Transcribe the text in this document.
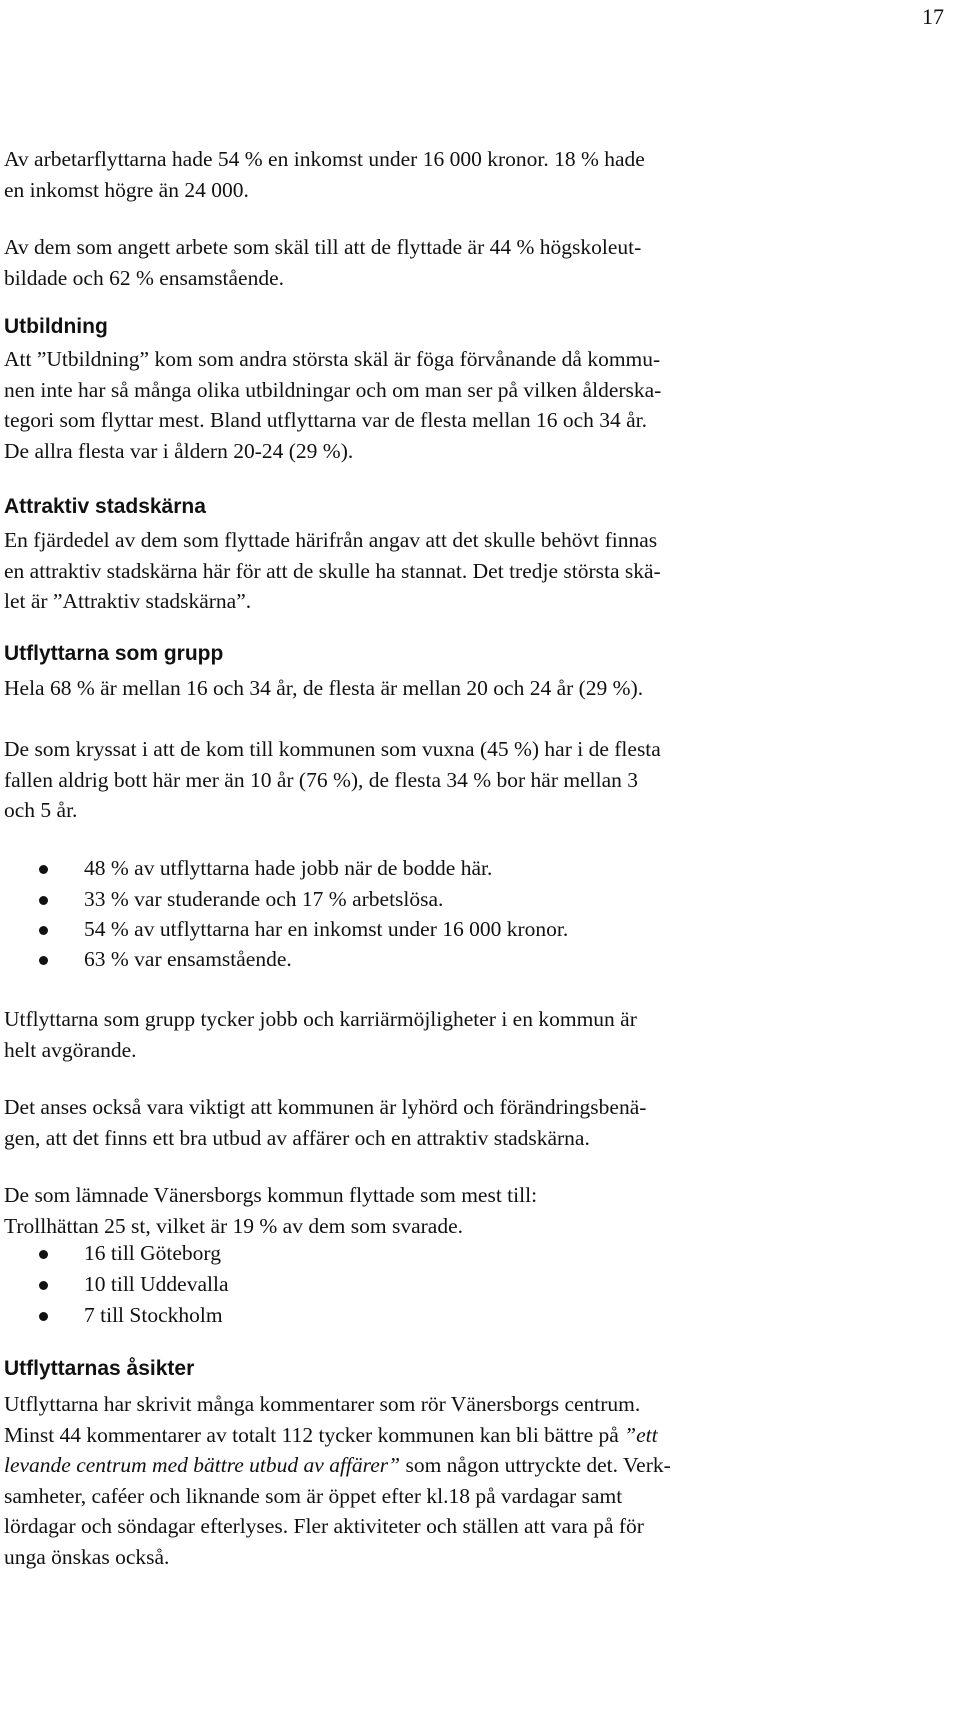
17
Av arbetarflyttarna hade 54 % en inkomst under 16 000 kronor. 18 % hade
en inkomst högre än 24 000.
Av dem som angett arbete som skäl till att de flyttade är 44 % högskoleut-
bildade och 62 % ensamstående.
Utbildning
Att ”Utbildning” kom som andra största skäl är föga förvånande då kommu-
nen inte har så många olika utbildningar och om man ser på vilken ålderska-
tegori som flyttar mest. Bland utflyttarna var de flesta mellan 16 och 34 år.
De allra flesta var i åldern 20-24 (29 %).
Attraktiv stadskärna
En fjärdedel av dem som flyttade härifrån angav att det skulle behövt finnas
en attraktiv stadskärna här för att de skulle ha stannat. Det tredje största skä-
let är ”Attraktiv stadskärna”.
Utflyttarna som grupp
Hela 68 % är mellan 16 och 34 år, de flesta är mellan 20 och 24 år (29 %).
De som kryssat i att de kom till kommunen som vuxna (45 %) har i de flesta
fallen aldrig bott här mer än 10 år (76 %), de flesta 34 % bor här mellan 3
och 5 år.
48 % av utflyttarna hade jobb när de bodde här.
33 % var studerande och 17 % arbetslösa.
54 % av utflyttarna har en inkomst under 16 000 kronor.
63 % var ensamstående.
Utflyttarna som grupp tycker jobb och karriärmöjligheter i en kommun är
helt avgörande.
Det anses också vara viktigt att kommunen är lyhörd och förändringsbenä-
gen, att det finns ett bra utbud av affärer och en attraktiv stadskärna.
De som lämnade Vänersborgs kommun flyttade som mest till:
Trollhättan 25 st, vilket är 19 % av dem som svarade.
16 till Göteborg
10 till Uddevalla
7 till Stockholm
Utflyttarnas åsikter
Utflyttarna har skrivit många kommentarer som rör Vänersborgs centrum.
Minst 44 kommentarer av totalt 112 tycker kommunen kan bli bättre på ”ett
levande centrum med bättre utbud av affärer” som någon uttryckte det. Verk-
samheter, caféer och liknande som är öppet efter kl.18 på vardagar samt
lördagar och söndagar efterlyses. Fler aktiviteter och ställen att vara på för
unga önskas också.
